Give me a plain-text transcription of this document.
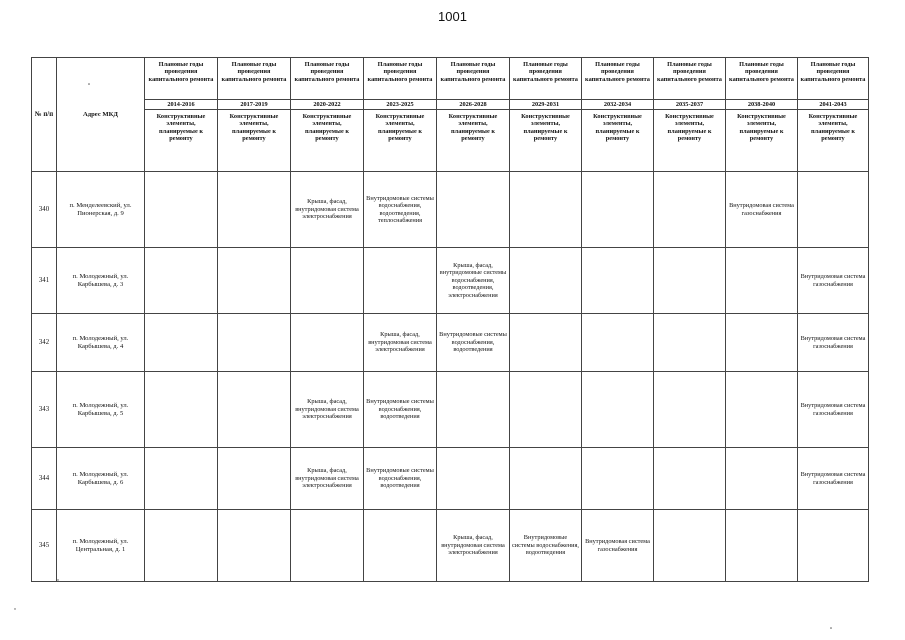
1001
№ п/п	Адрес МКД	Плановые годы проведения капитального ремонта	Плановые годы проведения капитального ремонта	Плановые годы проведения капитального ремонта	Плановые годы проведения капитального ремонта	Плановые годы проведения капитального ремонта	Плановые годы проведения капитального ремонта	Плановые годы проведения капитального ремонта	Плановые годы проведения капитального ремонта	Плановые годы проведения капитального ремонта	Плановые годы проведения капитального ремонта
		2014-2016	2017-2019	2020-2022	2023-2025	2026-2028	2029-2031	2032-2034	2035-2037	2038-2040	2041-2043
		Конструктивные элементы, планируемые к ремонту	Конструктивные элементы, планируемые к ремонту	Конструктивные элементы, планируемые к ремонту	Конструктивные элементы, планируемые к ремонту	Конструктивные элементы, планируемые к ремонту	Конструктивные элементы, планируемые к ремонту	Конструктивные элементы, планируемые к ремонту	Конструктивные элементы, планируемые к ремонту	Конструктивные элементы, планируемые к ремонту	Конструктивные элементы, планируемые к ремонту
340	п. Менделеевский, ул. Пионерская, д. 9			Крыша, фасад, внутридомовая система электроснабжения	Внутридомовые системы водоснабжения, водоотведения, теплоснабжения					Внутридомовая система газоснабжения	
341	п. Молодежный, ул. Карбышева, д. 3					Крыша, фасад, внутридомовые системы водоснабжения, водоотведения, электроснабжения					Внутридомовая система газоснабжения
342	п. Молодежный, ул. Карбышева, д. 4				Крыша, фасад, внутридомовая система электроснабжения	Внутридомовые системы водоснабжения, водоотведения					Внутридомовая система газоснабжения
343	п. Молодежный, ул. Карбышева, д. 5			Крыша, фасад, внутридомовая система электроснабжения	Внутридомовые системы водоснабжения, водоотведения						Внутридомовая система газоснабжения
344	п. Молодежный, ул. Карбышева, д. 6			Крыша, фасад, внутридомовая система электроснабжения	Внутридомовые системы водоснабжения, водоотведения						Внутридомовая система газоснабжения
345	п. Молодежный, ул. Центральная, д. 1					Крыша, фасад, внутридомовая система электроснабжения	Внутридомовые системы водоснабжения, водоотведения	Внутридомовая система газоснабжения			
